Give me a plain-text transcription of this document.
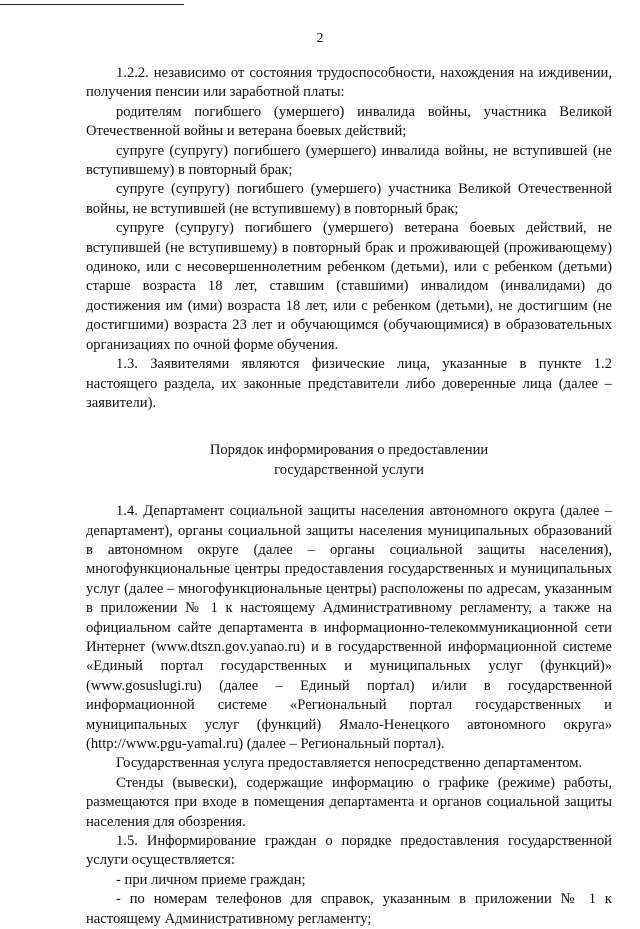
2

1.2.2. независимо от состояния трудоспособности, нахождения на иждивении, получения пенсии или заработной платы:

родителям погибшего (умершего) инвалида войны, участника Великой Отечественной войны и ветерана боевых действий;

супруге (супругу) погибшего (умершего) инвалида войны, не вступившей (не вступившему) в повторный брак;

супруге (супругу) погибшего (умершего) участника Великой Отечественной войны, не вступившей (не вступившему) в повторный брак;

супруге (супругу) погибшего (умершего) ветерана боевых действий, не вступившей (не вступившему) в повторный брак и проживающей (проживающему) одиноко, или с несовершеннолетним ребенком (детьми), или с ребенком (детьми) старше возраста 18 лет, ставшим (ставшими) инвалидом (инвалидами) до достижения им (ими) возраста 18 лет, или с ребенком (детьми), не достигшим (не достигшими) возраста 23 лет и обучающимся (обучающимися) в образовательных организациях по очной форме обучения.

1.3. Заявителями являются физические лица, указанные в пункте 1.2 настоящего раздела, их законные представители либо доверенные лица (далее – заявители).

Порядок информирования о предоставлении

государственной услуги

1.4. Департамент социальной защиты населения автономного округа (далее – департамент), органы социальной защиты населения муниципальных образований в автономном округе (далее – органы социальной защиты населения), многофункциональные центры предоставления государственных и муниципальных услуг (далее – многофункциональные центры) расположены по адресам, указанным в приложении № 1 к настоящему Административному регламенту, а также на официальном сайте департамента в информационно-телекоммуникационной сети Интернет (www.dtszn.gov.yanao.ru) и в государственной информационной системе «Единый портал государственных и муниципальных услуг (функций)» (www.gosuslugi.ru) (далее – Единый портал) и/или в государственной информационной системе «Региональный портал государственных и муниципальных услуг (функций) Ямало-Ненецкого автономного округа» (http://www.pgu-yamal.ru) (далее – Региональный портал).

Государственная услуга предоставляется непосредственно департаментом.

Стенды (вывески), содержащие информацию о графике (режиме) работы, размещаются при входе в помещения департамента и органов социальной защиты населения для обозрения.

1.5. Информирование граждан о порядке предоставления государственной услуги осуществляется:

- при личном приеме граждан;

- по номерам телефонов для справок, указанным в приложении № 1 к настоящему Административному регламенту;
